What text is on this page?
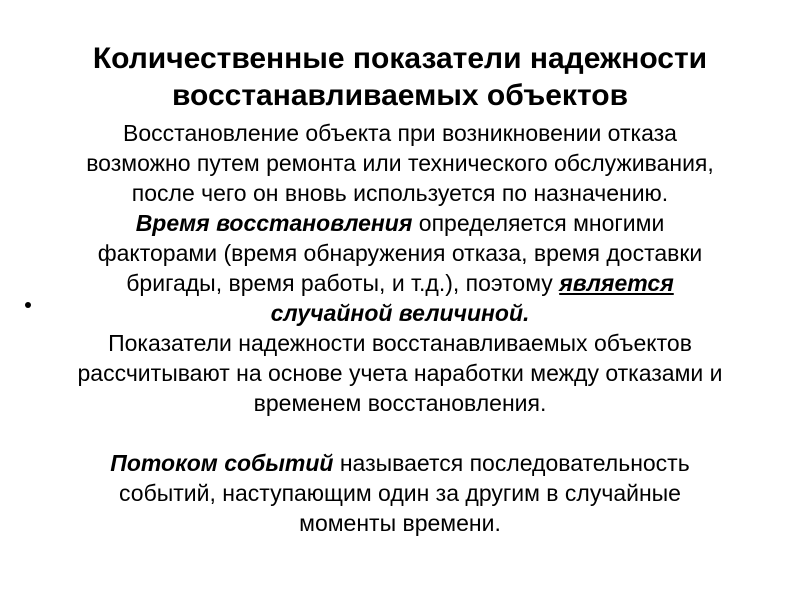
Количественные показатели надежности
восстанавливаемых объектов
Восстановление объекта при возникновении отказа
возможно путем ремонта или технического обслуживания,
после чего он вновь используется по назначению.
Время восстановления определяется многими
факторами (время обнаружения отказа, время доставки
бригады, время работы, и т.д.), поэтому является
случайной величиной.
Показатели надежности восстанавливаемых объектов
рассчитывают на основе учета наработки между отказами и
временем восстановления.
Потоком событий называется последовательность
событий, наступающим один за другим в случайные
моменты времени.
